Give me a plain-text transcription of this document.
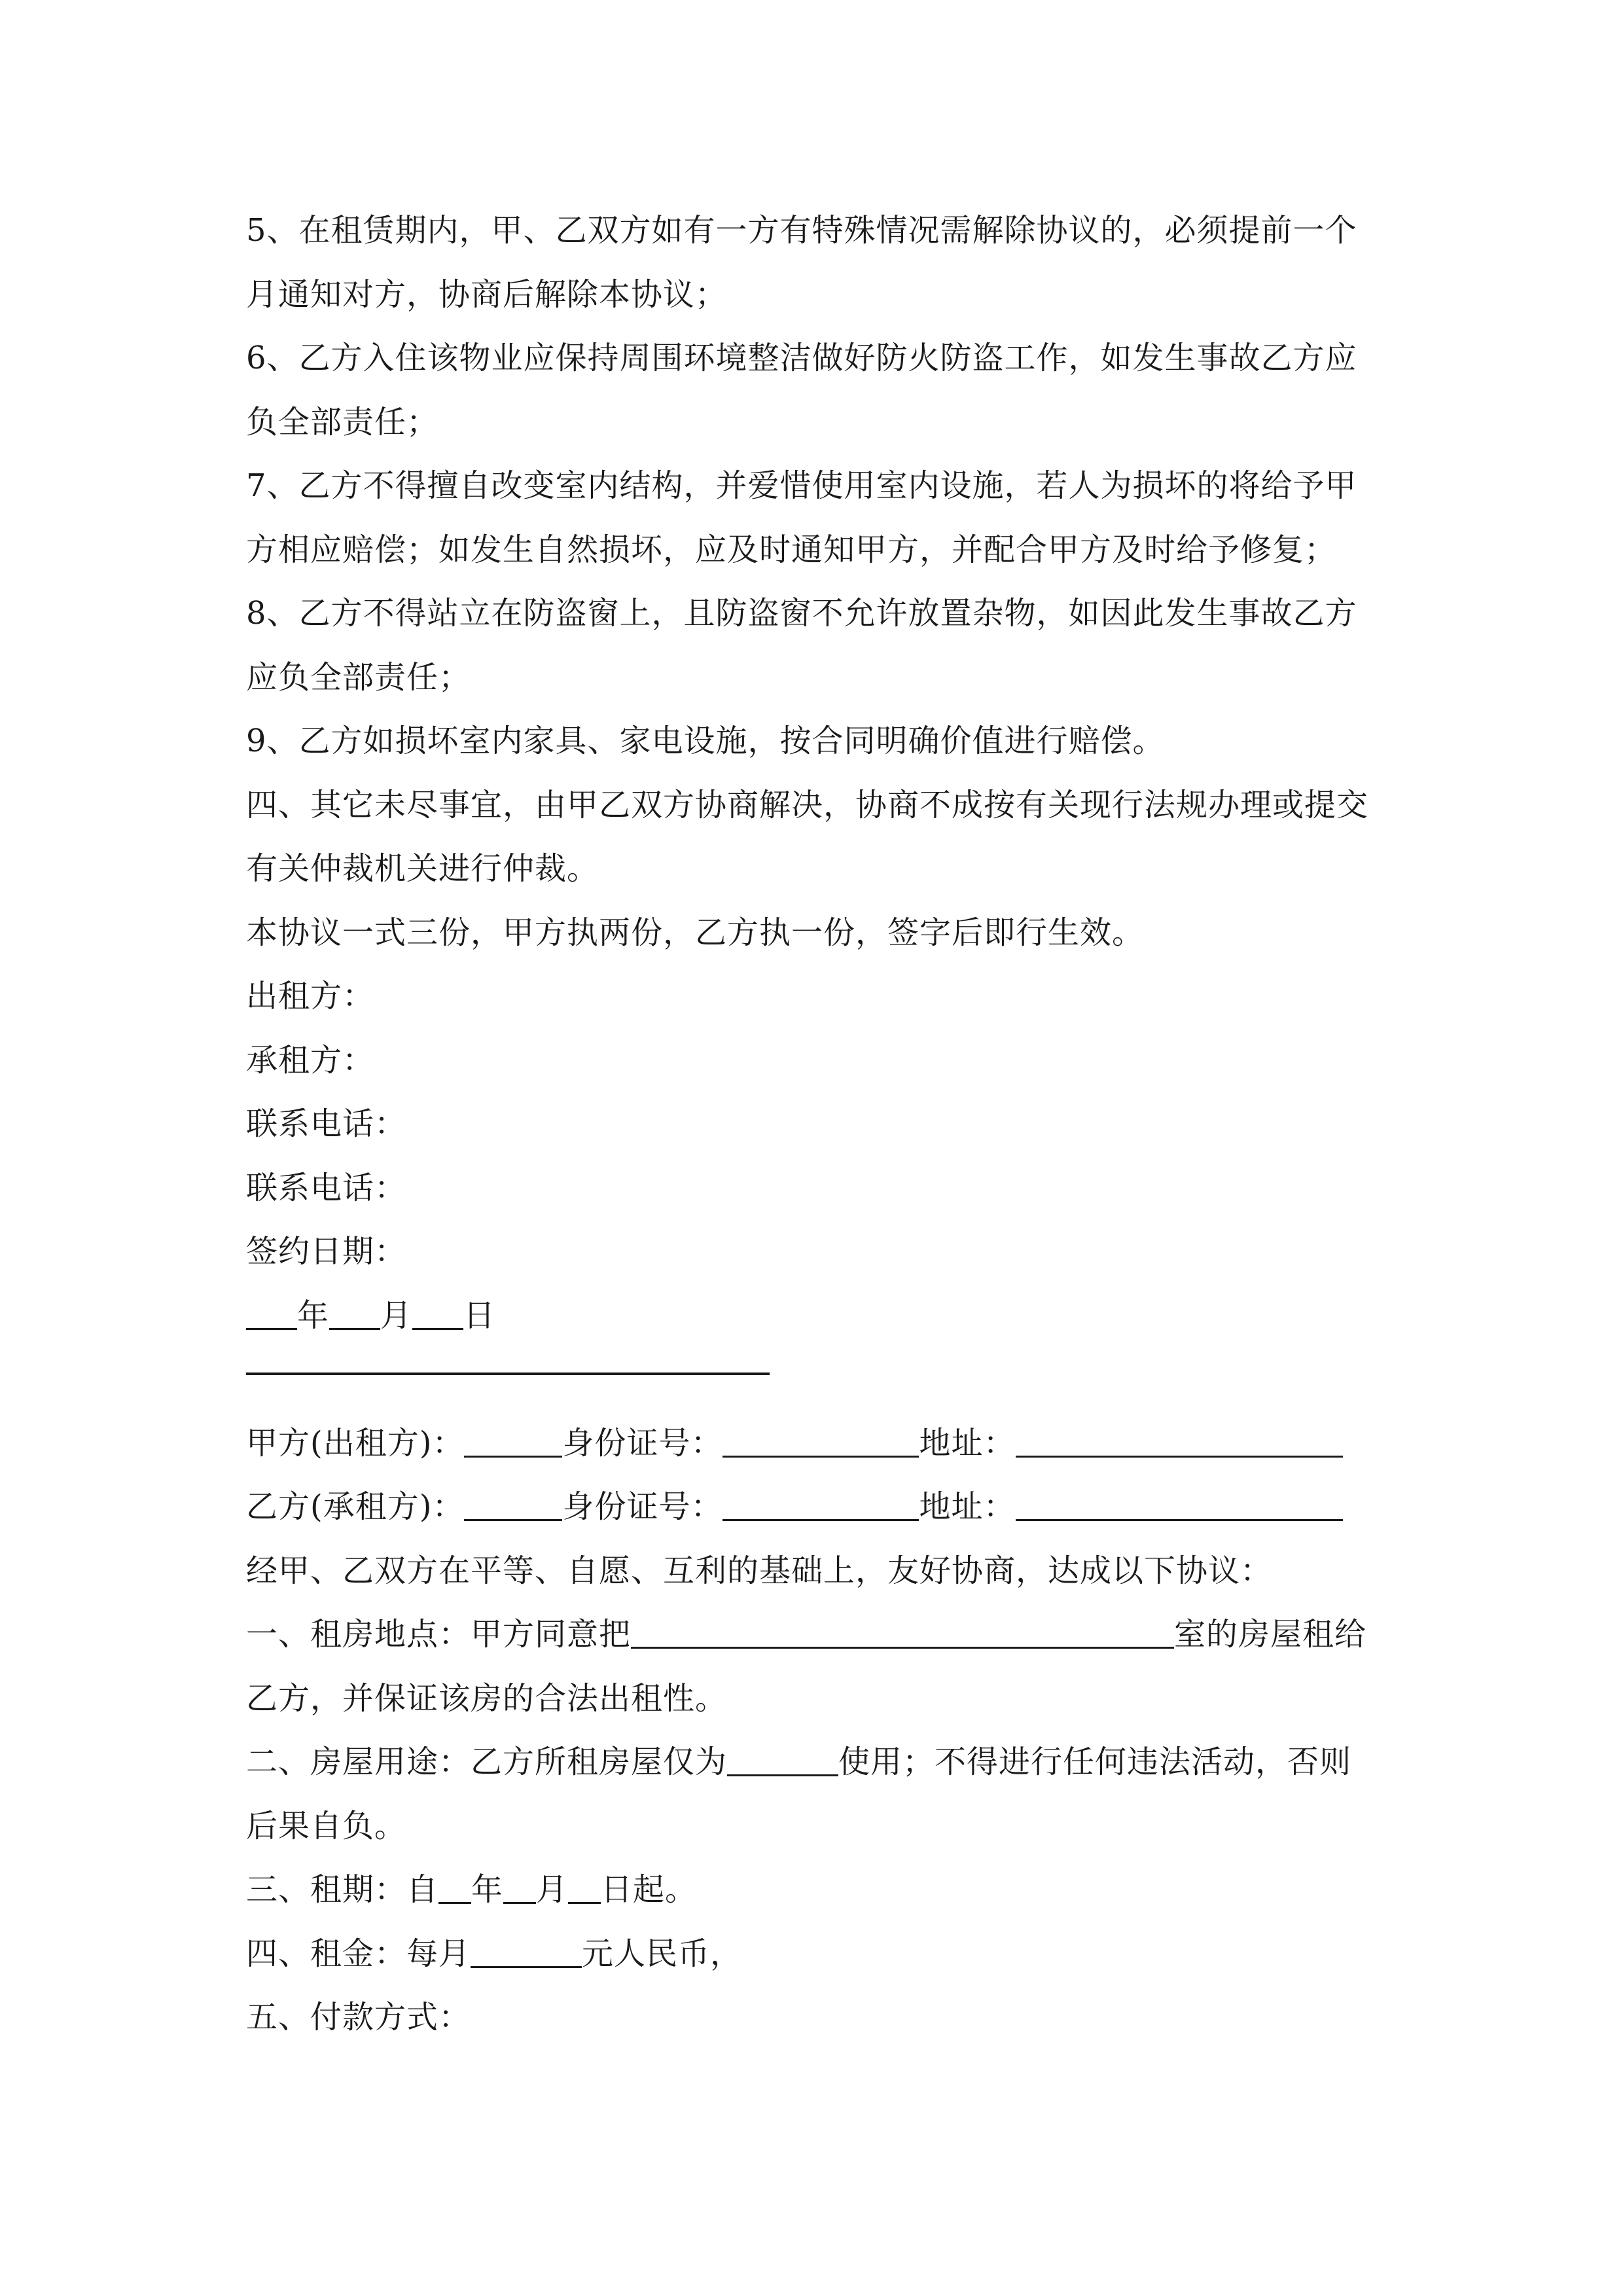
5、在租赁期内，甲、乙双方如有一方有特殊情况需解除协议的，必须提前一个
月通知对方，协商后解除本协议；
6、乙方入住该物业应保持周围环境整洁做好防火防盗工作，如发生事故乙方应
负全部责任；
7、乙方不得擅自改变室内结构，并爱惜使用室内设施，若人为损坏的将给予甲
方相应赔偿；如发生自然损坏，应及时通知甲方，并配合甲方及时给予修复；
8、乙方不得站立在防盗窗上，且防盗窗不允许放置杂物，如因此发生事故乙方
应负全部责任；
9、乙方如损坏室内家具、家电设施，按合同明确价值进行赔偿。
四、其它未尽事宜，由甲乙双方协商解决，协商不成按有关现行法规办理或提交
有关仲裁机关进行仲裁。
本协议一式三份，甲方执两份，乙方执一份，签字后即行生效。
出租方：
承租方：
联系电话：
联系电话：
签约日期：
年 月 日
甲方(出租方)：	身份证号：	地址：
乙方(承租方)：	身份证号：	地址：
经甲、乙双方在平等、自愿、互利的基础上，友好协商，达成以下协议：
一、租房地点：甲方同意把	室的房屋租给
乙方，并保证该房的合法出租性。
二、房屋用途：乙方所租房屋仅为	使用；不得进行任何违法活动，否则
后果自负。
三、租期：自 年 月 日起。
四、租金：每月	元人民币，
五、付款方式：
